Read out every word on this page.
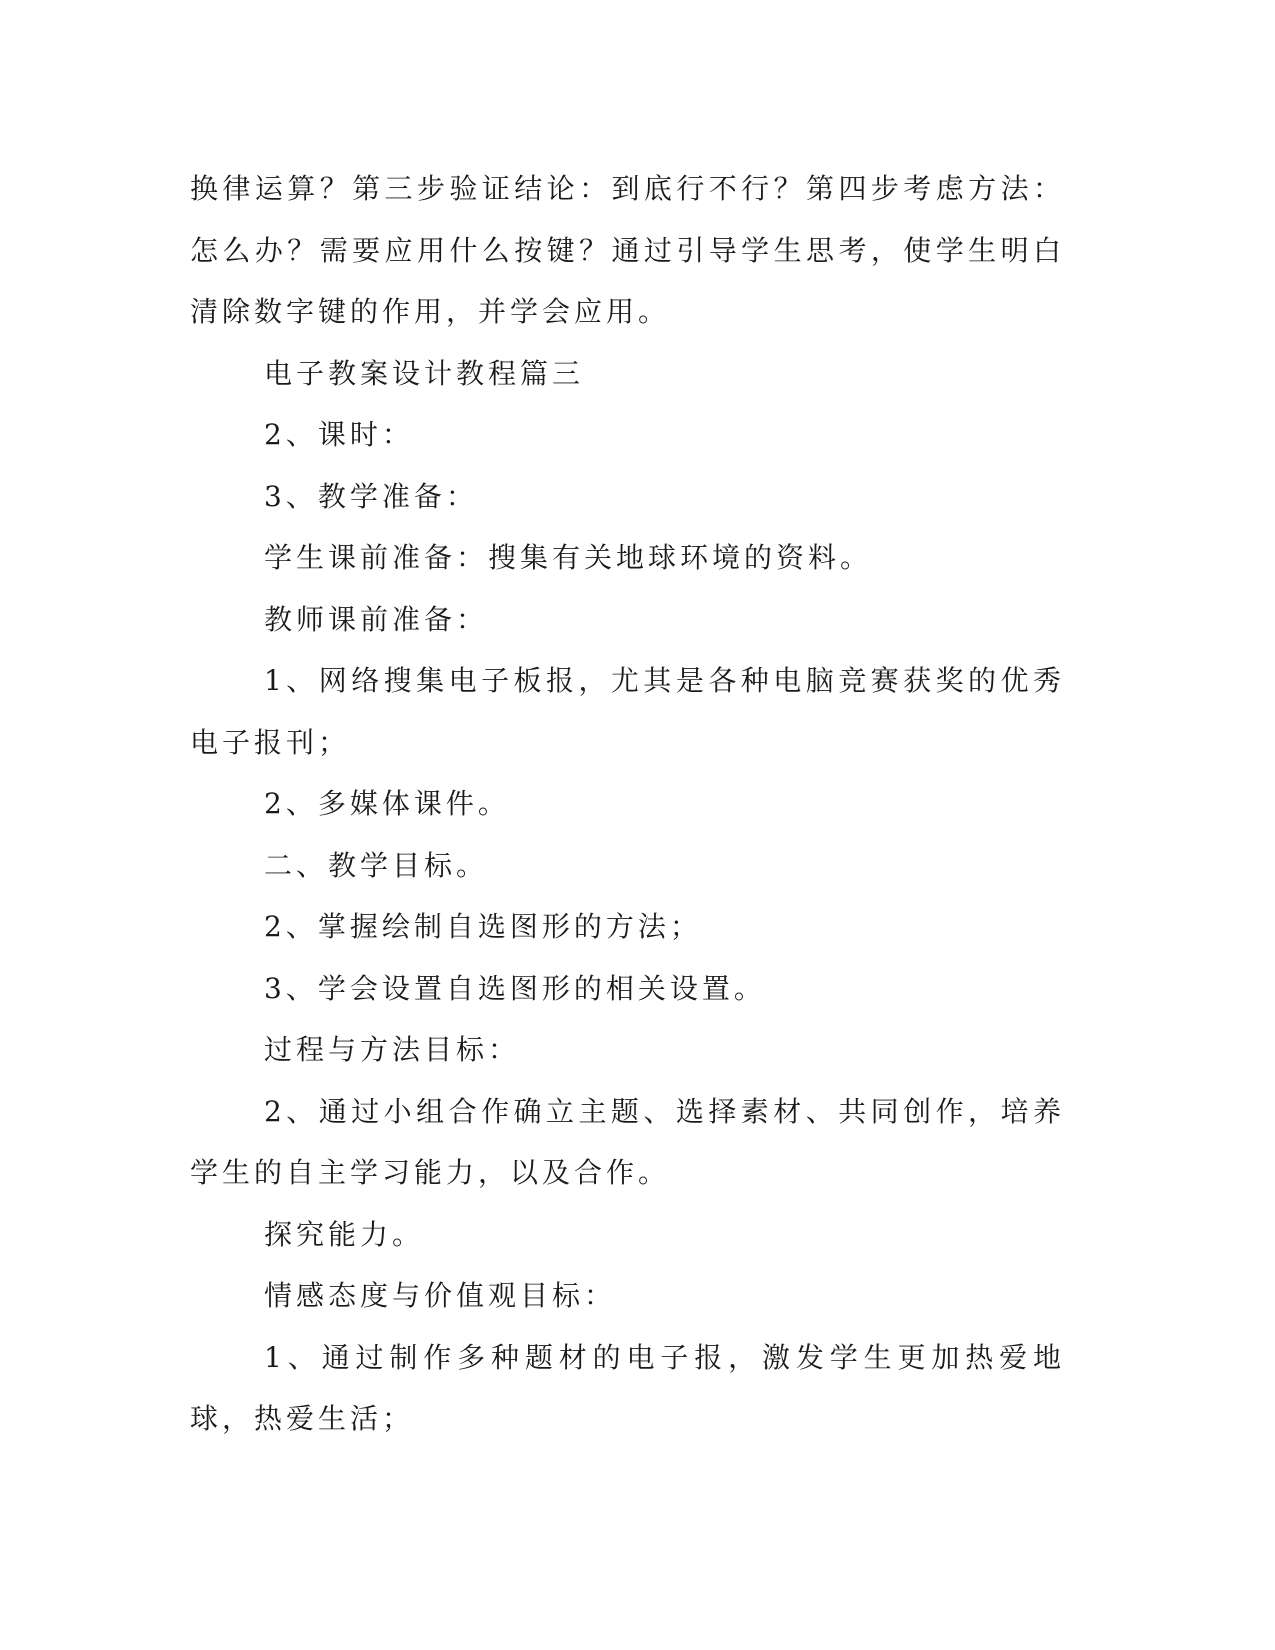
换律运算？第三步验证结论：到底行不行？第四步考虑方法：怎么办？需要应用什么按键？通过引导学生思考，使学生明白清除数字键的作用，并学会应用。

电子教案设计教程篇三

2、课时：

3、教学准备：

学生课前准备：搜集有关地球环境的资料。

教师课前准备：

1、网络搜集电子板报，尤其是各种电脑竞赛获奖的优秀电子报刊；

2、多媒体课件。

二、教学目标。

2、掌握绘制自选图形的方法；

3、学会设置自选图形的相关设置。

过程与方法目标：

2、通过小组合作确立主题、选择素材、共同创作，培养学生的自主学习能力，以及合作。

探究能力。

情感态度与价值观目标：

1、通过制作多种题材的电子报，激发学生更加热爱地球，热爱生活；
